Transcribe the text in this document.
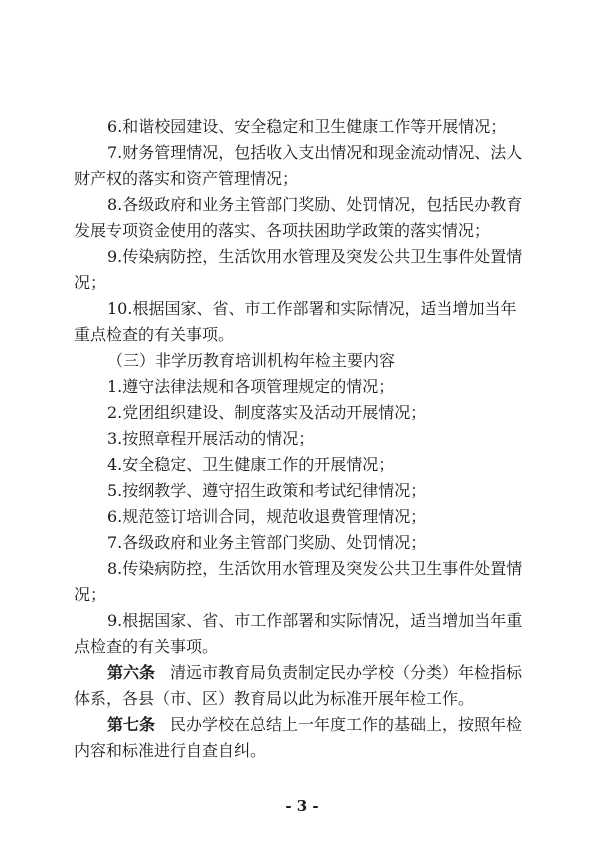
6.和谐校园建设、安全稳定和卫生健康工作等开展情况；
7.财务管理情况，包括收入支出情况和现金流动情况、法人
财产权的落实和资产管理情况；
8.各级政府和业务主管部门奖励、处罚情况，包括民办教育
发展专项资金使用的落实、各项扶困助学政策的落实情况；
9.传染病防控，生活饮用水管理及突发公共卫生事件处置情
况；
10.根据国家、省、市工作部署和实际情况，适当增加当年
重点检查的有关事项。
（三）非学历教育培训机构年检主要内容
1.遵守法律法规和各项管理规定的情况；
2.党团组织建设、制度落实及活动开展情况；
3.按照章程开展活动的情况；
4.安全稳定、卫生健康工作的开展情况；
5.按纲教学、遵守招生政策和考试纪律情况；
6.规范签订培训合同，规范收退费管理情况；
7.各级政府和业务主管部门奖励、处罚情况；
8.传染病防控，生活饮用水管理及突发公共卫生事件处置情
况；
9.根据国家、省、市工作部署和实际情况，适当增加当年重
点检查的有关事项。
第六条 清远市教育局负责制定民办学校（分类）年检指标
体系，各县（市、区）教育局以此为标准开展年检工作。
第七条 民办学校在总结上一年度工作的基础上，按照年检
内容和标准进行自查自纠。
- 3 -
